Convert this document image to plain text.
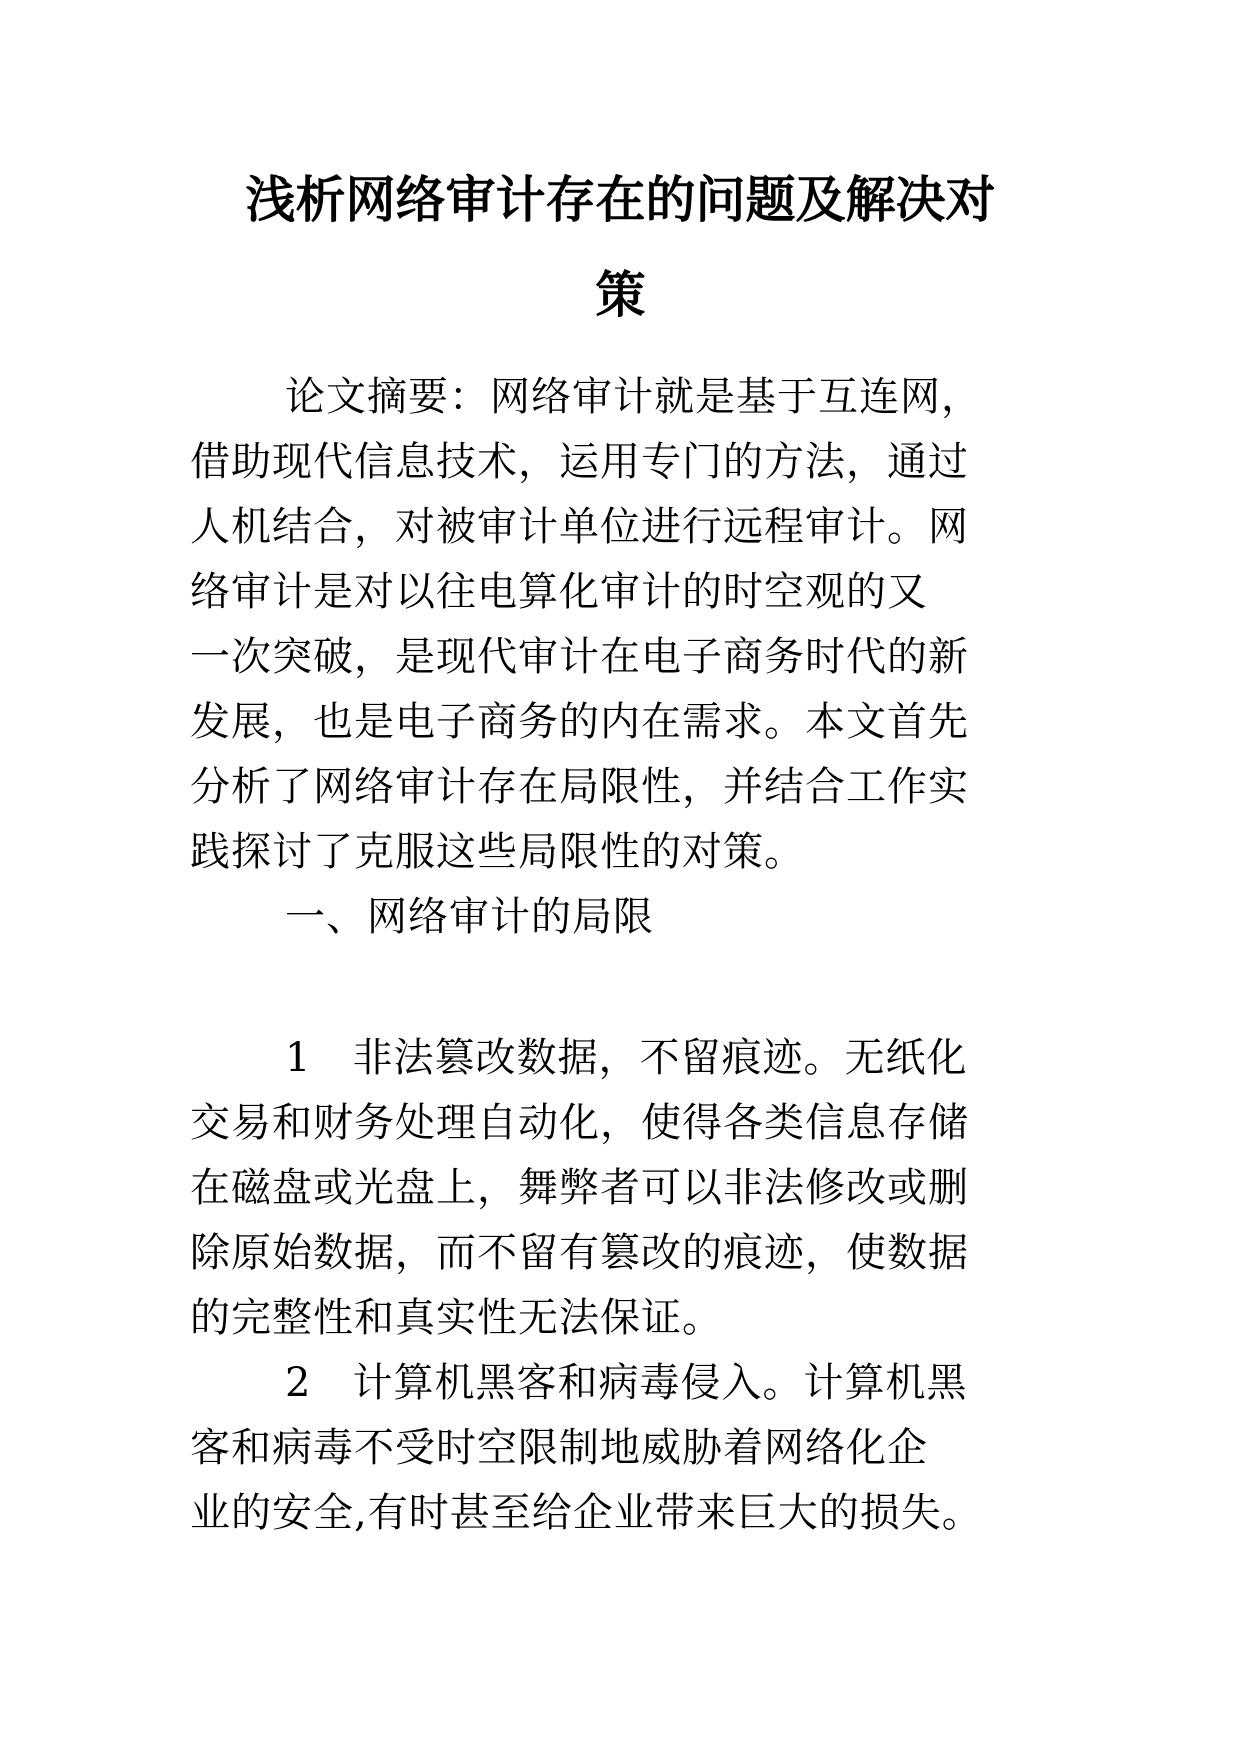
浅析网络审计存在的问题及解决对
策
论文摘要：网络审计就是基于互连网，
借助现代信息技术，运用专门的方法，通过
人机结合，对被审计单位进行远程审计。网
络审计是对以往电算化审计的时空观的又
一次突破，是现代审计在电子商务时代的新
发展，也是电子商务的内在需求。本文首先
分析了网络审计存在局限性，并结合工作实
践探讨了克服这些局限性的对策。
一、网络审计的局限
1　非法篡改数据，不留痕迹。无纸化
交易和财务处理自动化，使得各类信息存储
在磁盘或光盘上，舞弊者可以非法修改或删
除原始数据，而不留有篡改的痕迹，使数据
的完整性和真实性无法保证。
2　计算机黑客和病毒侵入。计算机黑
客和病毒不受时空限制地威胁着网络化企
业的安全,有时甚至给企业带来巨大的损失。
